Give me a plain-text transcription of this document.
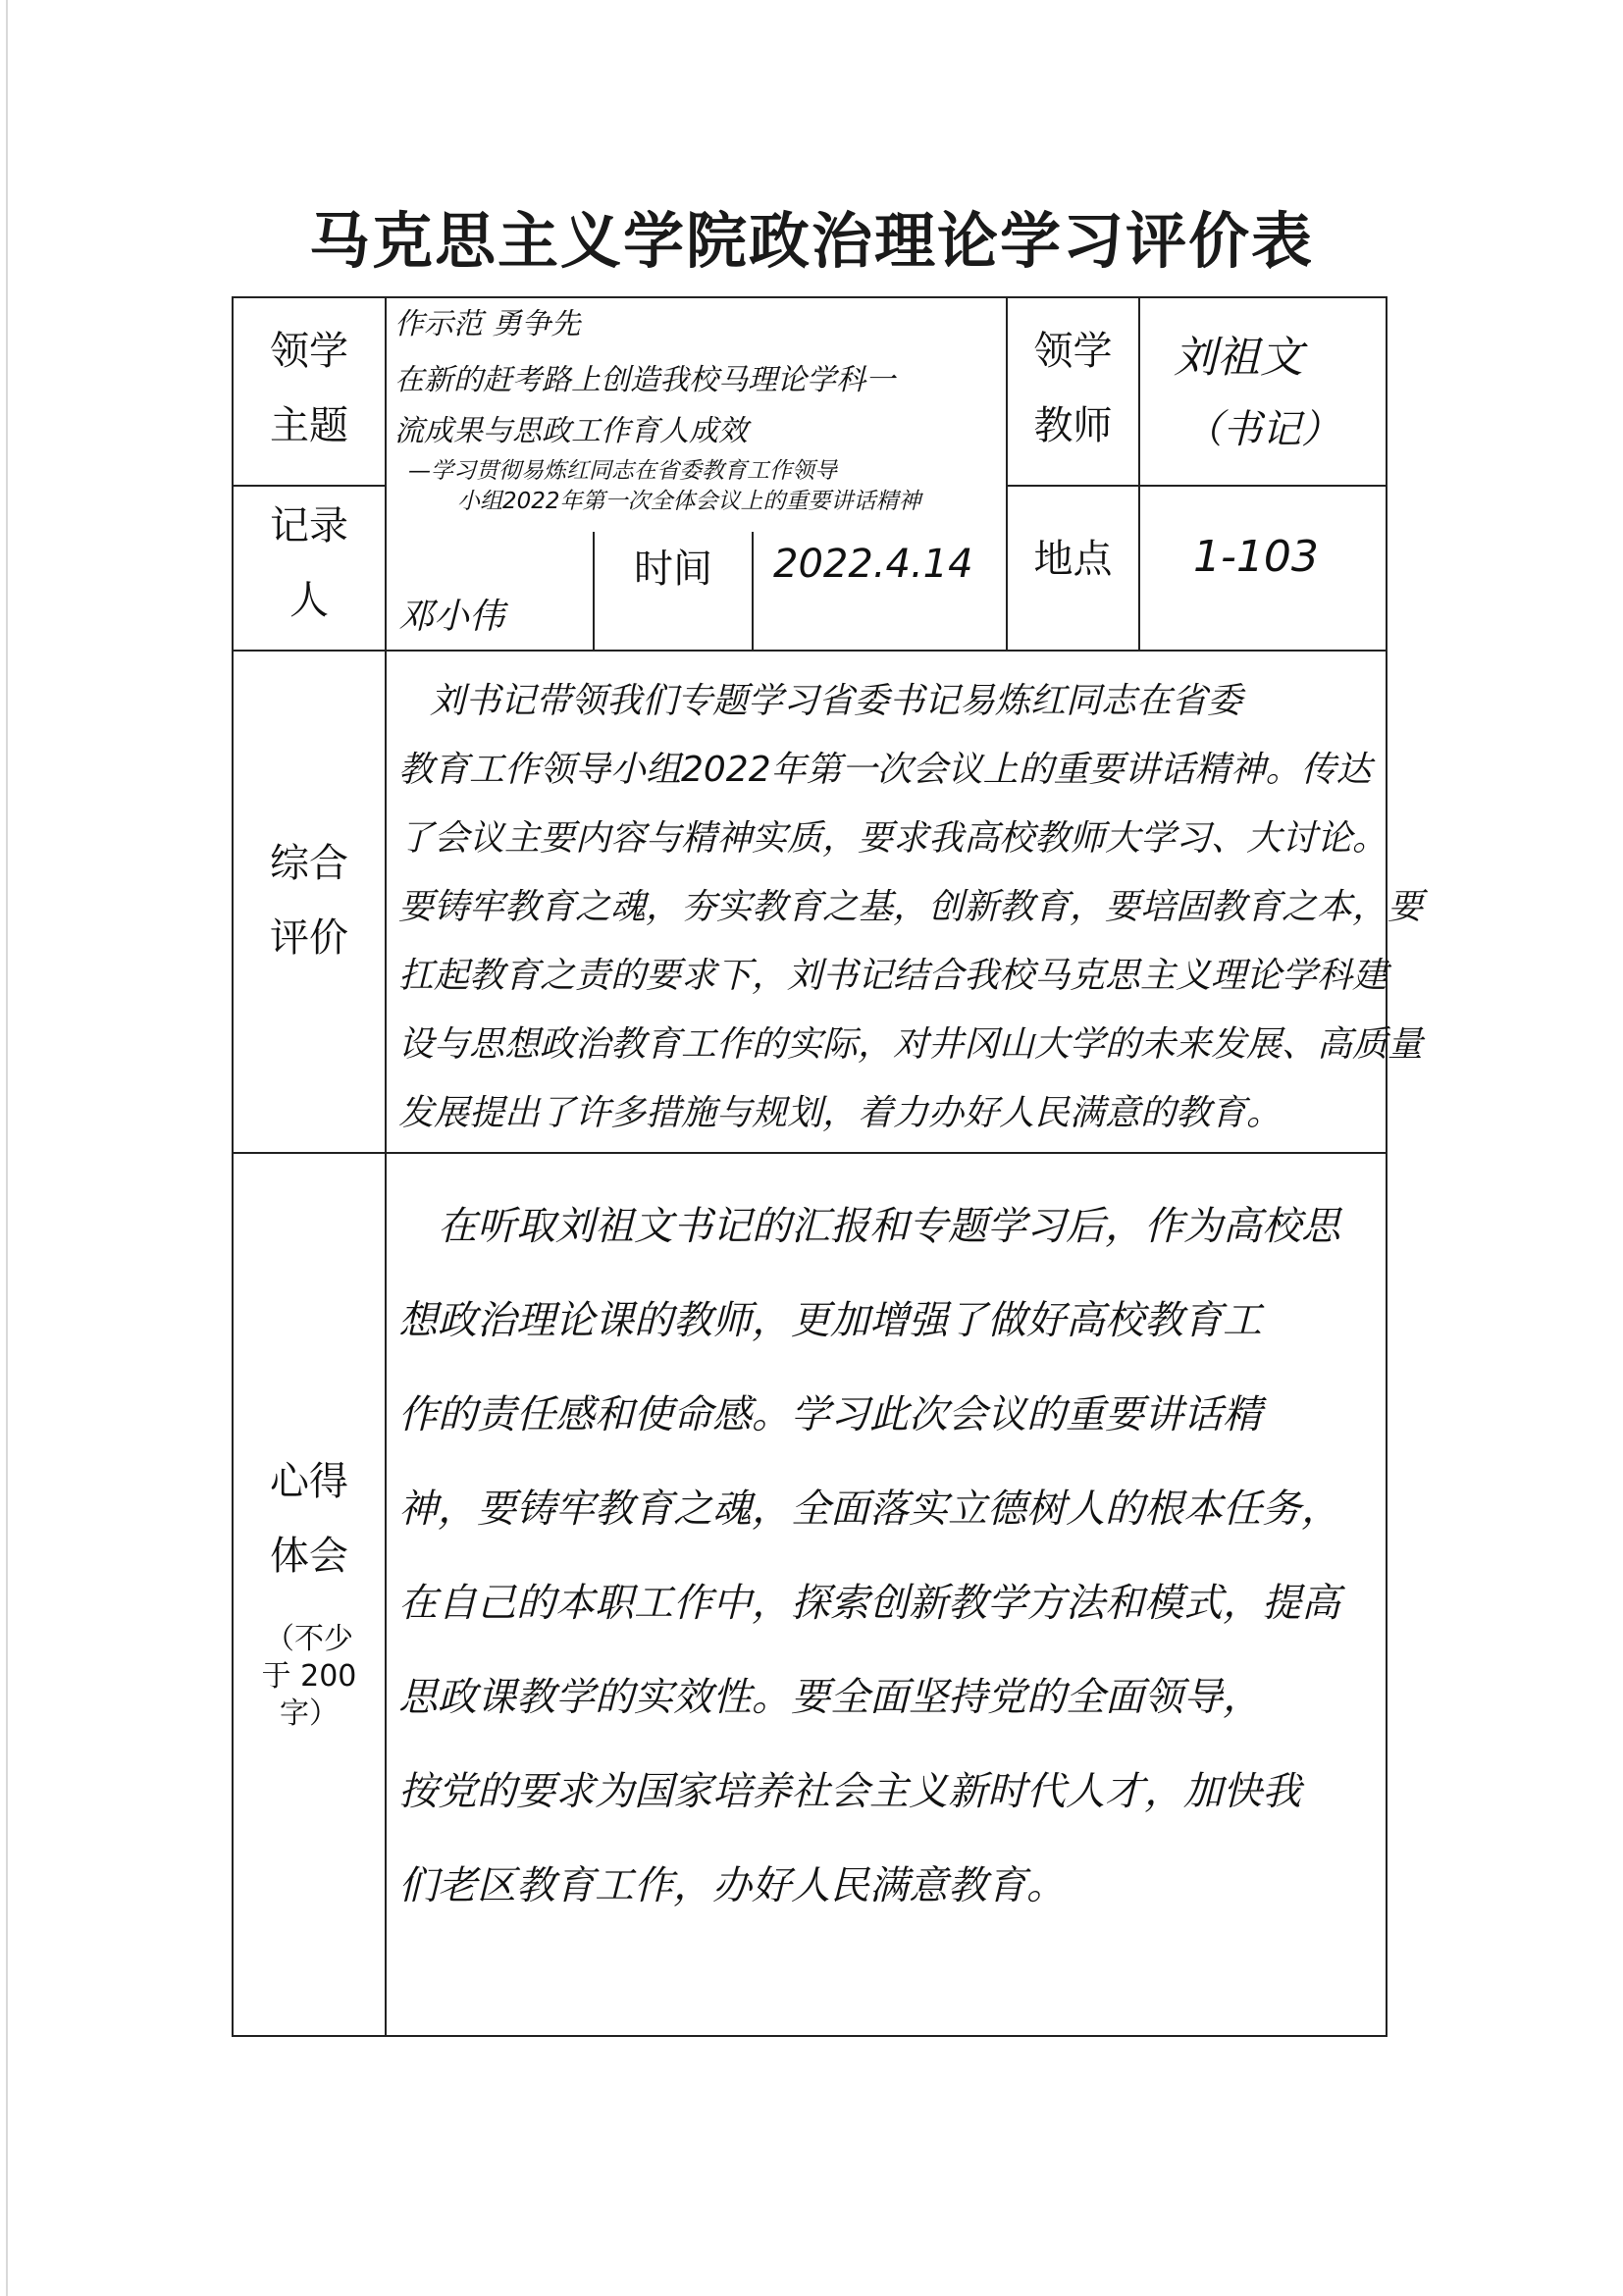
马克思主义学院政治理论学习评价表
领学
主题
领学
教师
记录
人
时间	地点
综合
评价
心得
体会
（不少
于 200
字）
作示范 勇争先
在新的赶考路上创造我校马理论学科一
流成果与思政工作育人成效
—学习贯彻易炼红同志在省委教育工作领导
小组2022年第一次全体会议上的重要讲话精神
刘祖文
（书记）
邓小伟
2022.4.14	1-103
刘书记带领我们专题学习省委书记易炼红同志在省委
教育工作领导小组2022年第一次会议上的重要讲话精神。传达
了会议主要内容与精神实质，要求我高校教师大学习、大讨论。
要铸牢教育之魂，夯实教育之基，创新教育，要培固教育之本，要
扛起教育之责的要求下，刘书记结合我校马克思主义理论学科建
设与思想政治教育工作的实际，对井冈山大学的未来发展、高质量
发展提出了许多措施与规划，着力办好人民满意的教育。
在听取刘祖文书记的汇报和专题学习后，作为高校思
想政治理论课的教师，更加增强了做好高校教育工
作的责任感和使命感。学习此次会议的重要讲话精
神，要铸牢教育之魂，全面落实立德树人的根本任务，
在自己的本职工作中，探索创新教学方法和模式，提高
思政课教学的实效性。要全面坚持党的全面领导，
按党的要求为国家培养社会主义新时代人才，加快我
们老区教育工作，办好人民满意教育。
